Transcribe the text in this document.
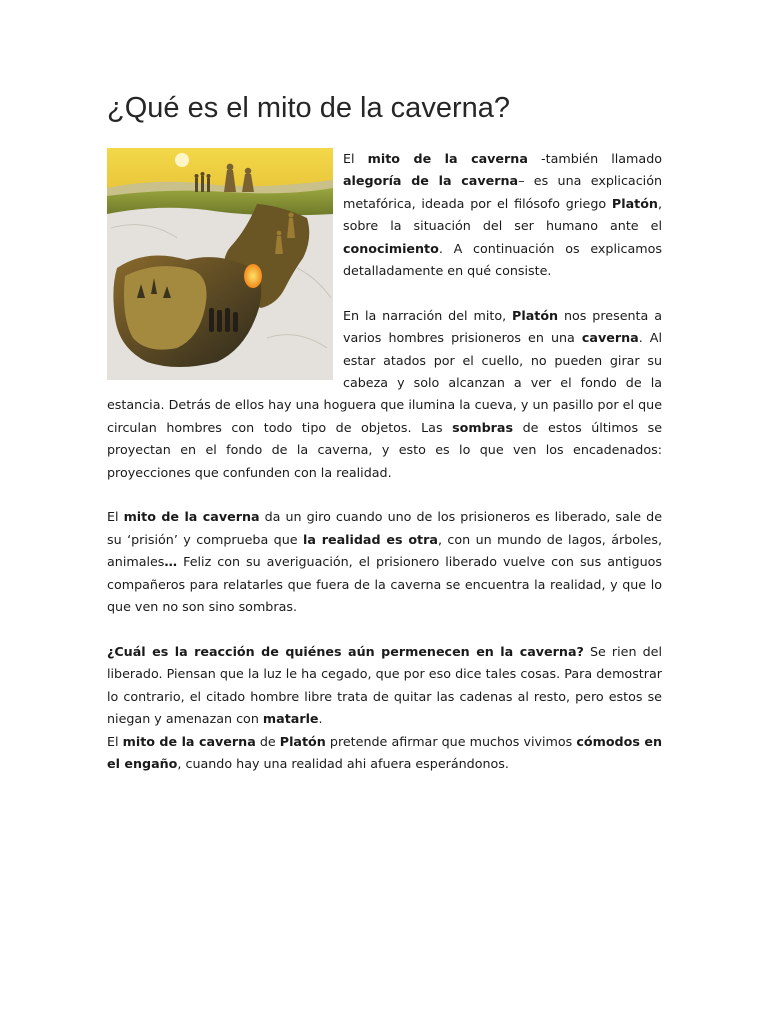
¿Qué es el mito de la caverna?

El mito de la caverna -también llamado alegoría de la caverna– es una explicación metafórica, ideada por el filósofo griego Platón, sobre la situación del ser humano ante el conocimiento. A continuación os explicamos detalladamente en qué consiste.

En la narración del mito, Platón nos presenta a varios hombres prisioneros en una caverna. Al estar atados por el cuello, no pueden girar su cabeza y solo alcanzan a ver el fondo de la estancia. Detrás de ellos hay una hoguera que ilumina la cueva, y un pasillo por el que circulan hombres con todo tipo de objetos. Las sombras de estos últimos se proyectan en el fondo de la caverna, y esto es lo que ven los encadenados: proyecciones que confunden con la realidad.

El mito de la caverna da un giro cuando uno de los prisioneros es liberado, sale de su ‘prisión’ y comprueba que la realidad es otra, con un mundo de lagos, árboles, animales… Feliz con su averiguación, el prisionero liberado vuelve con sus antiguos compañeros para relatarles que fuera de la caverna se encuentra la realidad, y que lo que ven no son sino sombras.

¿Cuál es la reacción de quiénes aún permenecen en la caverna? Se rien del liberado. Piensan que la luz le ha cegado, que por eso dice tales cosas. Para demostrar lo contrario, el citado hombre libre trata de quitar las cadenas al resto, pero estos se niegan y amenazan con matarle.

El mito de la caverna de Platón pretende afirmar que muchos vivimos cómodos en el engaño, cuando hay una realidad ahi afuera esperándonos.
